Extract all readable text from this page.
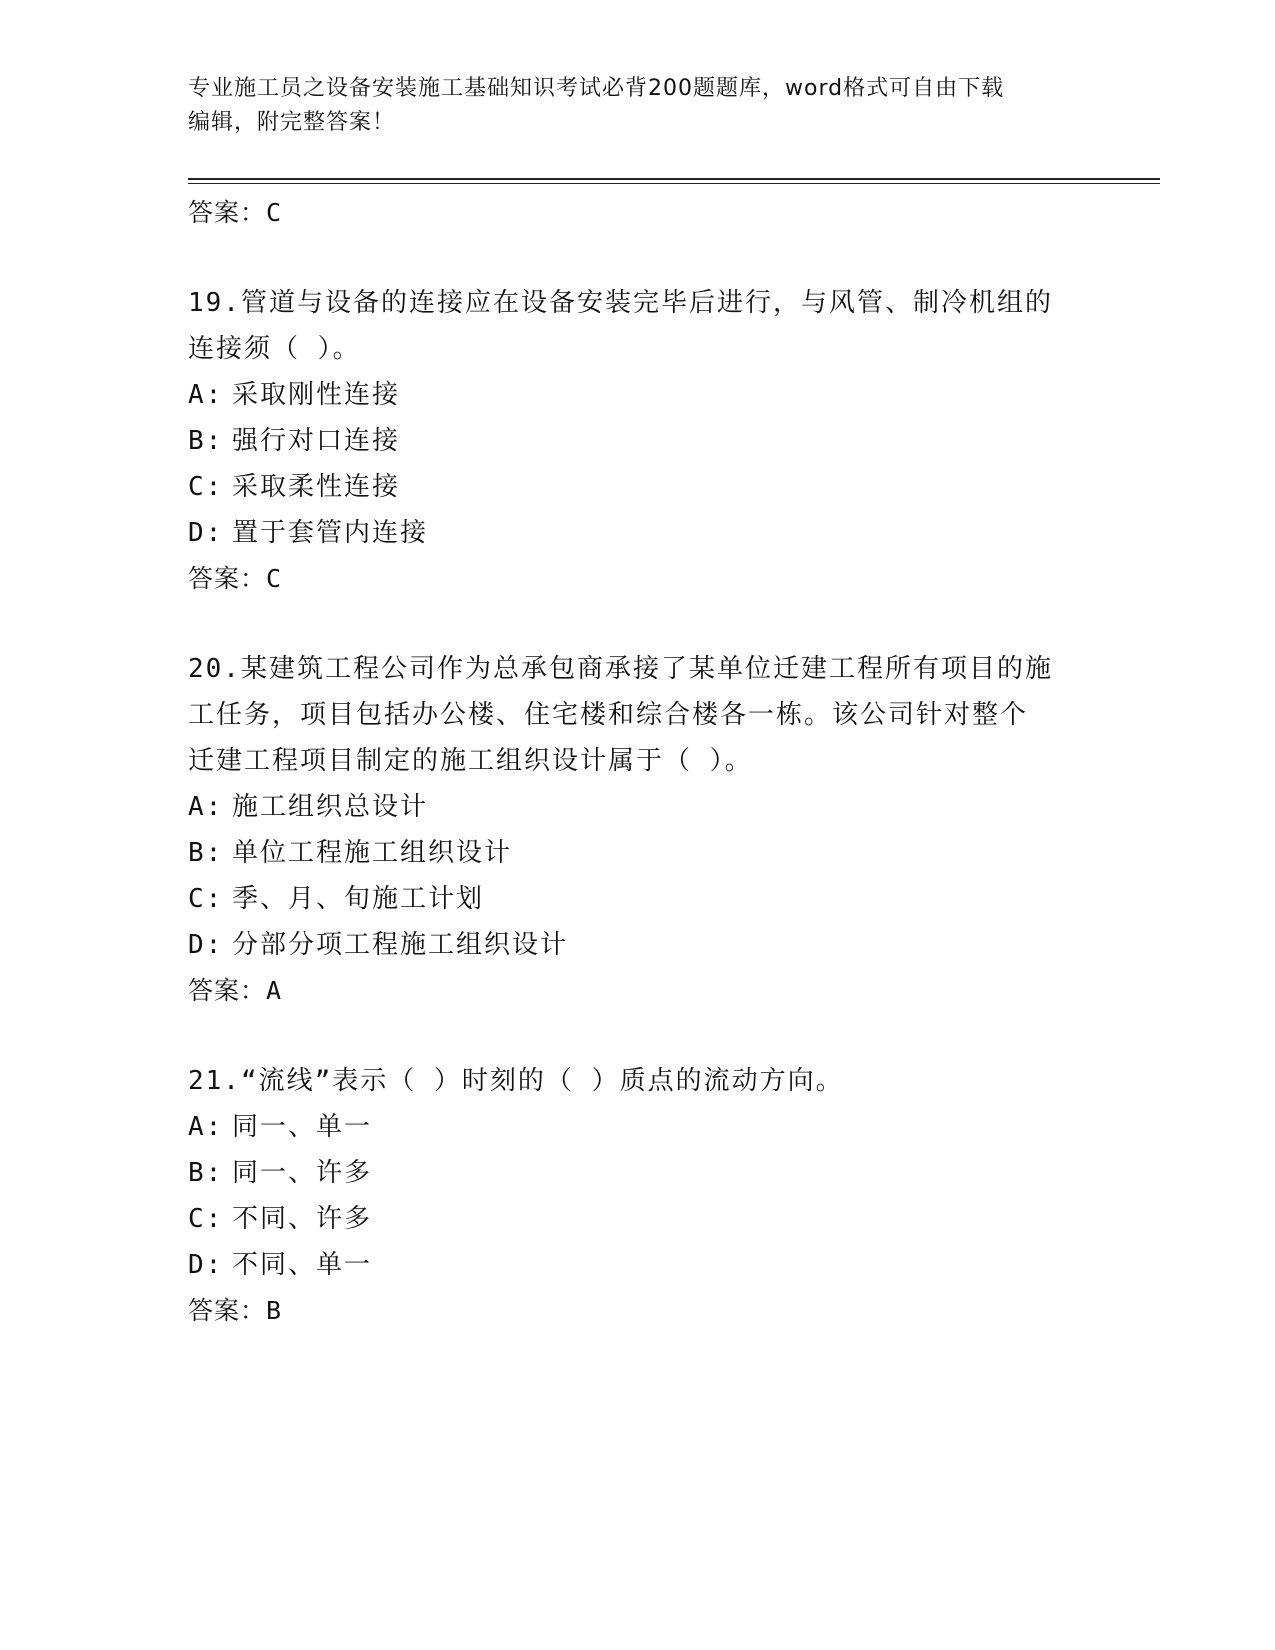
专业施工员之设备安装施工基础知识考试必背200题题库，word格式可自由下载
编辑，附完整答案！
答案：C
19.管道与设备的连接应在设备安装完毕后进行，与风管、制冷机组的
连接须（ ）。
A: 采取刚性连接
B: 强行对口连接
C: 采取柔性连接
D: 置于套管内连接
答案：C
20.某建筑工程公司作为总承包商承接了某单位迁建工程所有项目的施
工任务，项目包括办公楼、住宅楼和综合楼各一栋。该公司针对整个
迁建工程项目制定的施工组织设计属于（ ）。
A: 施工组织总设计
B: 单位工程施工组织设计
C: 季、月、旬施工计划
D: 分部分项工程施工组织设计
答案：A
21.“流线”表示（ ）时刻的（ ）质点的流动方向。
A: 同一、单一
B: 同一、许多
C: 不同、许多
D: 不同、单一
答案：B
